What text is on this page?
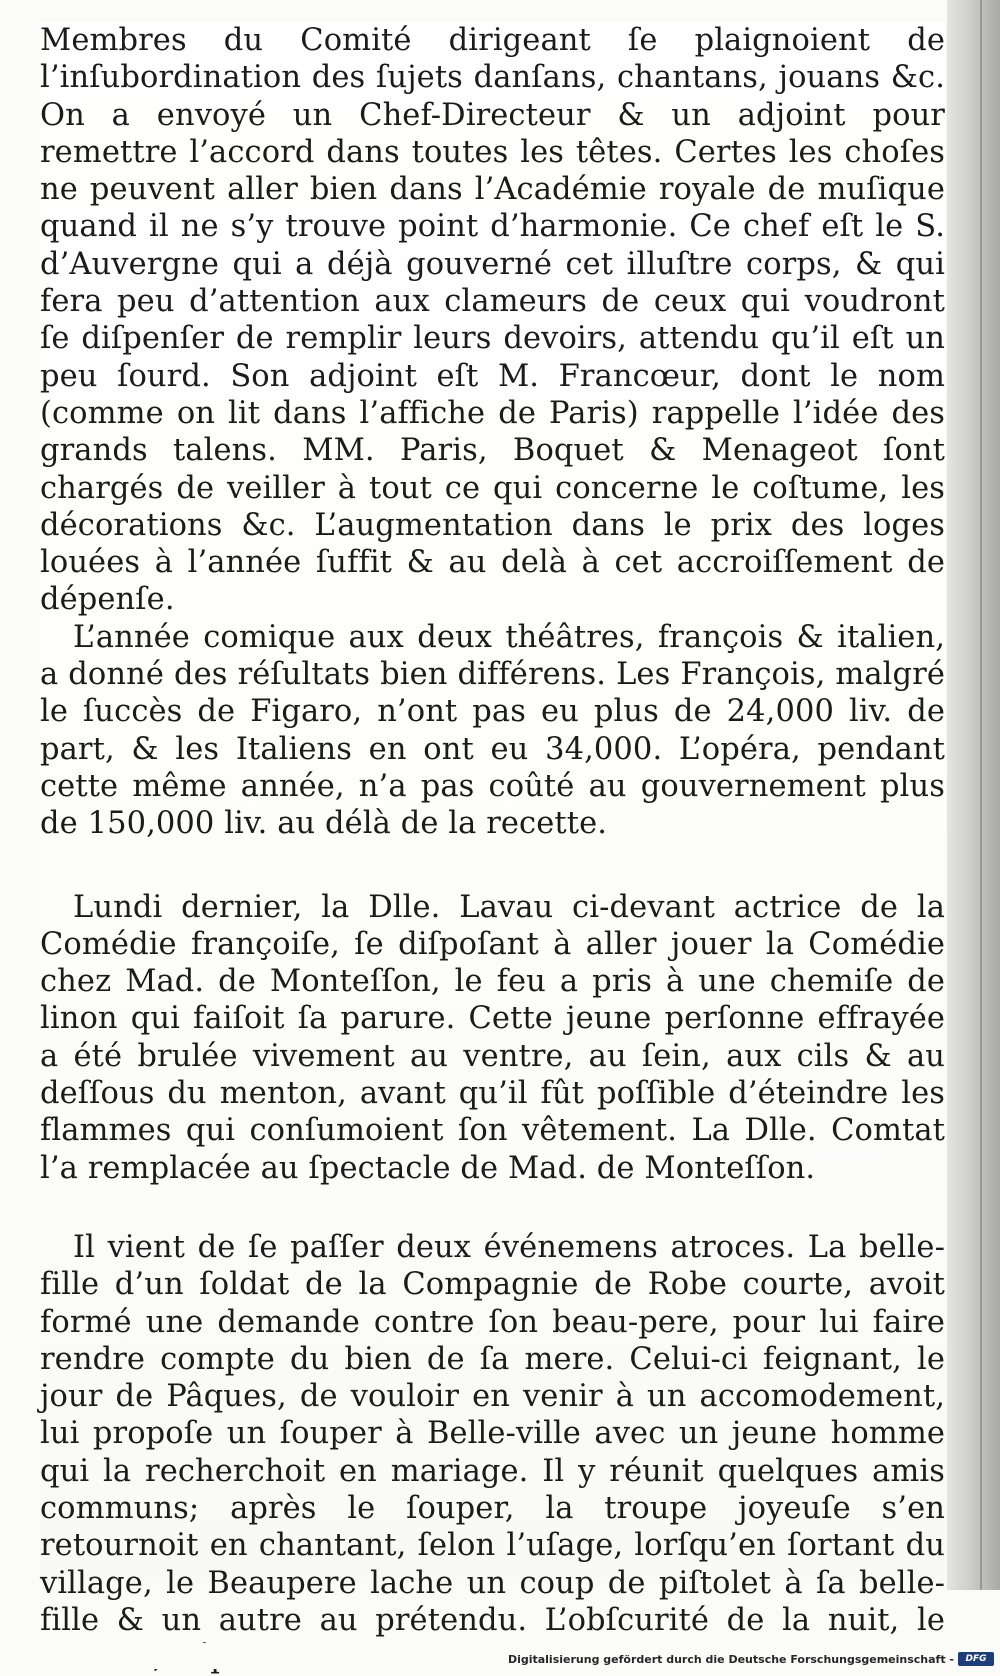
Membres du Comité dirigeant ſe plaignoient de l’inſubordination des ſujets danſans, chantans, jouans &c. On a envoyé un Chef-Directeur & un adjoint pour remettre l’accord dans toutes les têtes. Certes les choſes ne peuvent aller bien dans l’Académie royale de muſique quand il ne s’y trouve point d’harmonie. Ce chef eſt le S. d’Auvergne qui a déjà gouverné cet illuſtre corps, & qui fera peu d’attention aux clameurs de ceux qui voudront ſe diſpenſer de remplir leurs devoirs, attendu qu’il eſt un peu ſourd. Son adjoint eſt M. Francœur, dont le nom (comme on lit dans l’affiche de Paris) rappelle l’idée des grands talens. MM. Paris, Boquet & Menageot ſont chargés de veiller à tout ce qui concerne le coſtume, les décorations &c. L’augmentation dans le prix des loges louées à l’année ſuffit & au delà à cet accroiſſement de dépenſe.

L’année comique aux deux théâtres, françois & italien, a donné des réſultats bien différens. Les François, malgré le ſuccès de Figaro, n’ont pas eu plus de 24,000 liv. de part, & les Italiens en ont eu 34,000. L’opéra, pendant cette même année, n’a pas coûté au gouvernement plus de 150,000 liv. au délà de la recette.

Lundi dernier, la Dlle. Lavau ci-devant actrice de la Comédie françoiſe, ſe diſpoſant à aller jouer la Comédie chez Mad. de Monteſſon, le feu a pris à une chemiſe de linon qui faiſoit ſa parure. Cette jeune perſonne effrayée a été brulée vivement au ventre, au ſein, aux cils & au deſſous du menton, avant qu’il fût poſſible d’éteindre les flammes qui conſumoient ſon vêtement. La Dlle. Comtat l’a remplacée au ſpectacle de Mad. de Monteſſon.

Il vient de ſe paſſer deux événemens atroces. La belle-fille d’un ſoldat de la Compagnie de Robe courte, avoit formé une demande contre ſon beau-pere, pour lui faire rendre compte du bien de ſa mere. Celui-ci feignant, le jour de Pâques, de vouloir en venir à un accomodement, lui propoſe un ſouper à Belle-ville avec un jeune homme qui la recherchoit en mariage. Il y réunit quelques amis communs; après le ſouper, la troupe joyeuſe s’en retournoit en chantant, ſelon l’uſage, lorſqu’en ſortant du village, le Beaupere lache un coup de piſtolet à ſa belle-fille & un autre au prétendu. L’obſcurité de la nuit, le

Digitalisierung gefördert durch die Deutsche Forschungsgemeinschaft -	DFG
